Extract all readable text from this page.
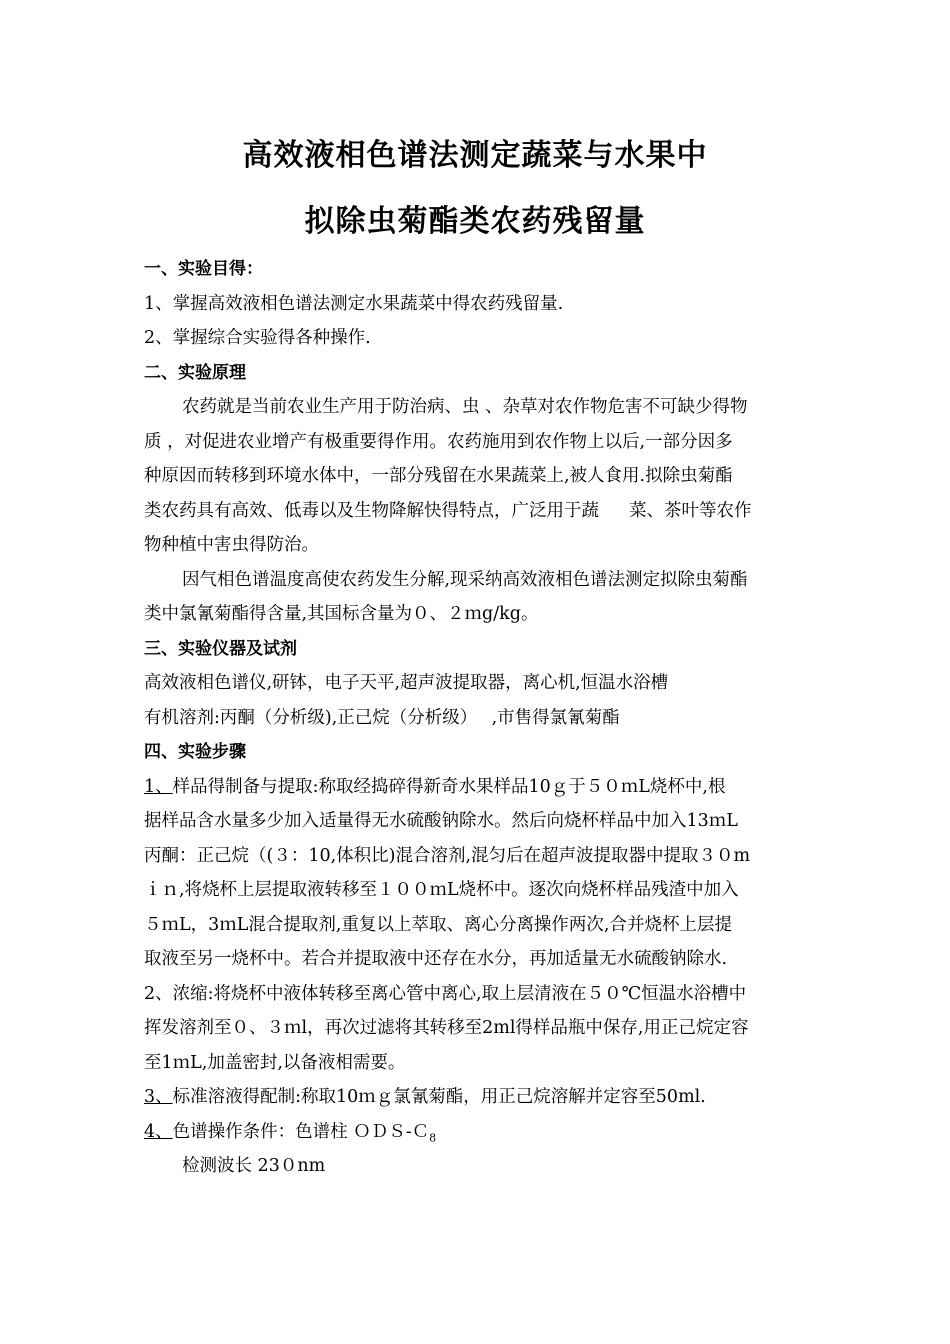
高效液相色谱法测定蔬菜与水果中
拟除虫菊酯类农药残留量
一、实验目得：
1、掌握高效液相色谱法测定水果蔬菜中得农药残留量.
2、掌握综合实验得各种操作.
二、实验原理
农药就是当前农业生产用于防治病、虫 、杂草对农作物危害不可缺少得物
质 ，对促进农业增产有极重要得作用。农药施用到农作物上以后,一部分因多
种原因而转移到环境水体中，一部分残留在水果蔬菜上,被人食用.拟除虫菊酯
类农药具有高效、低毒以及生物降解快得特点，广泛用于蔬 菜、茶叶等农作
物种植中害虫得防治。
因气相色谱温度高使农药发生分解,现采纳高效液相色谱法测定拟除虫菊酯
类中氯氰菊酯得含量,其国标含量为０、２ｍg/kg。
三、实验仪器及试剂
高效液相色谱仪,研钵，电子天平,超声波提取器，离心机,恒温水浴槽
有机溶剂:丙酮（分析级),正己烷（分析级）　 ,市售得氯氰菊酯
四、实验步骤
1、样品得制备与提取:称取经捣碎得新奇水果样品10ｇ于５０ｍL烧杯中,根
据样品含水量多少加入适量得无水硫酸钠除水。然后向烧杯样品中加入13ｍL
丙酮：正己烷（(３：10,体积比)混合溶剂,混匀后在超声波提取器中提取３０m
ｉｎ,将烧杯上层提取液转移至１００ｍL烧杯中。逐次向烧杯样品残渣中加入
５ｍL，3ｍL混合提取剂,重复以上萃取、离心分离操作两次,合并烧杯上层提
取液至另一烧杯中。若合并提取液中还存在水分，再加适量无水硫酸钠除水.
2、浓缩:将烧杯中液体转移至离心管中离心,取上层清液在５０℃恒温水浴槽中
挥发溶剂至０、３ｍl，再次过滤将其转移至2ml得样品瓶中保存,用正己烷定容
至1ｍL,加盖密封,以备液相需要。
3、标准溶液得配制:称取10ｍｇ氯氰菊酯，用正己烷溶解并定容至50ml.
4、色谱操作条件：色谱柱 ＯＤＳ-Ｃ$_8$
检测波长 23０nm
